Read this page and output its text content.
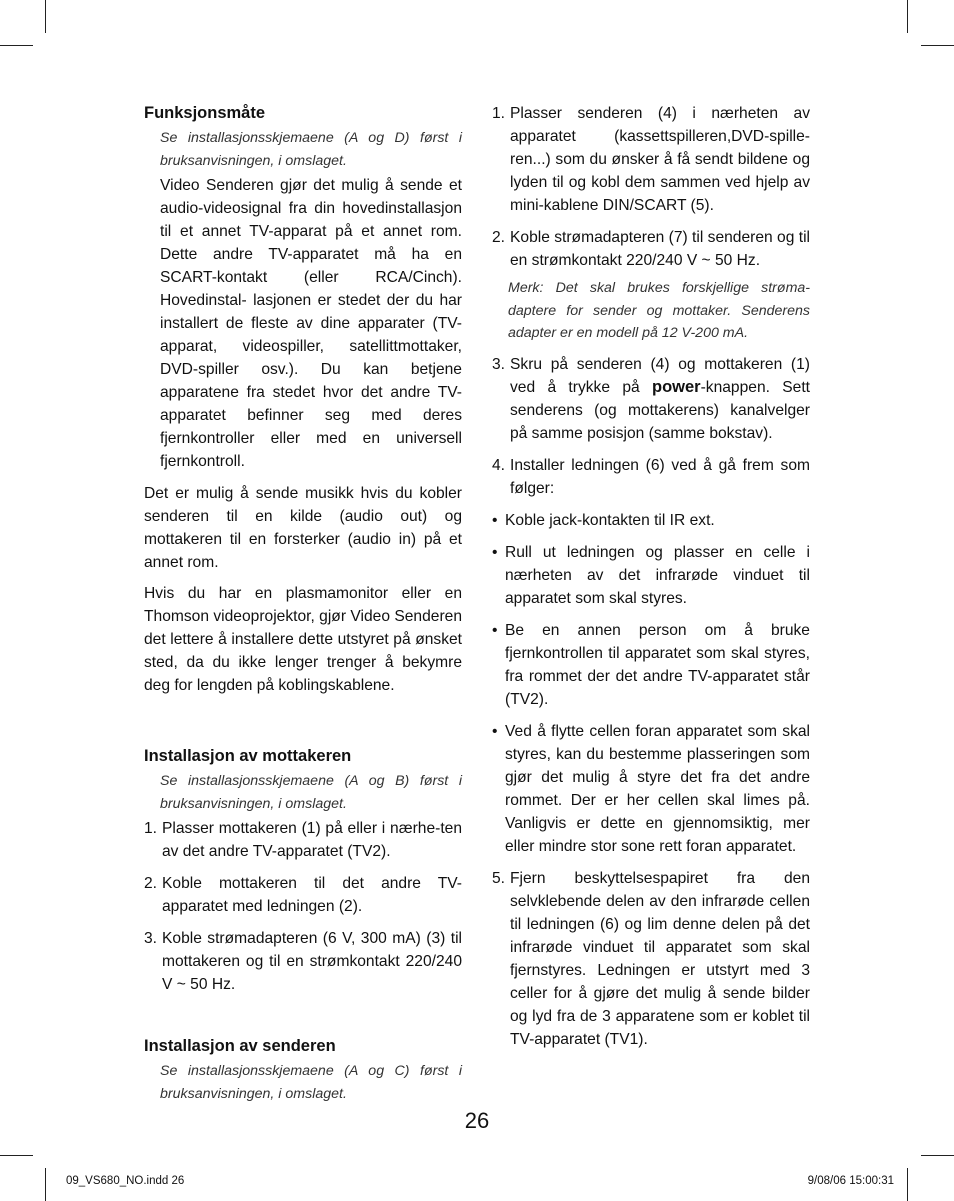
Funksjonsmåte
Se installasjonsskjemaene (A og D) først i bruksanvisningen, i omslaget.
Video Senderen gjør det mulig å sende et audio-videosignal fra din hovedinstallasjon til et annet TV-apparat på et annet rom. Dette andre TV-apparatet må ha en SCART-kontakt (eller RCA/Cinch). Hovedinstal- lasjonen er stedet der du har installert de fleste av dine apparater (TV-apparat, videospiller, satellittmottaker, DVD-spiller osv.). Du kan betjene apparatene fra stedet hvor det andre TV-apparatet befinner seg med deres fjernkontroller eller med en universell fjernkontroll.
Det er mulig å sende musikk hvis du kobler senderen til en kilde (audio out) og mottakeren til en forsterker (audio in) på et annet rom.
Hvis du har en plasmamonitor eller en Thomson videoprojektor, gjør Video Senderen det lettere å installere dette utstyret på ønsket sted, da du ikke lenger trenger å bekymre deg for lengden på koblingskablene.
Installasjon av mottakeren
Se installasjonsskjemaene (A og B) først i bruksanvisningen, i omslaget.
1. Plasser mottakeren (1) på eller i nærhe-ten av det andre TV-apparatet (TV2).
2. Koble mottakeren til det andre TV-apparatet med ledningen (2).
3. Koble strømadapteren (6 V, 300 mA) (3) til mottakeren og til en strømkontakt 220/240 V ~ 50 Hz.
Installasjon av senderen
Se installasjonsskjemaene (A og C) først i bruksanvisningen, i omslaget.
1. Plasser senderen (4) i nærheten av apparatet (kassettspilleren,DVD-spille-ren...) som du ønsker å få sendt bildene og lyden til og kobl dem sammen ved hjelp av mini-kablene DIN/SCART (5).
2. Koble strømadapteren (7) til senderen og til en strømkontakt 220/240 V ~ 50 Hz.
Merk: Det skal brukes forskjellige strøma-daptere for sender og mottaker. Senderens adapter er en modell på 12 V-200 mA.
3. Skru på senderen (4) og mottakeren (1) ved å trykke på power-knappen. Sett senderens (og mottakerens) kanalvelger på samme posisjon (samme bokstav).
4. Installer ledningen (6) ved å gå frem som følger:
• Koble jack-kontakten til IR ext.
• Rull ut ledningen og plasser en celle i nærheten av det infrarøde vinduet til apparatet som skal styres.
• Be en annen person om å bruke fjernkontrollen til apparatet som skal styres, fra rommet der det andre TV-apparatet står (TV2).
• Ved å flytte cellen foran apparatet som skal styres, kan du bestemme plasseringen som gjør det mulig å styre det fra det andre rommet. Der er her cellen skal limes på. Vanligvis er dette en gjennomsiktig, mer eller mindre stor sone rett foran apparatet.
5. Fjern beskyttelsespapiret fra den selvklebende delen av den infrarøde cellen til ledningen (6) og lim denne delen på det infrarøde vinduet til apparatet som skal fjernstyres. Ledningen er utstyrt med 3 celler for å gjøre det mulig å sende bilder og lyd fra de 3 apparatene som er koblet til TV-apparatet (TV1).
26
09_VS680_NO.indd 26	9/08/06 15:00:31
